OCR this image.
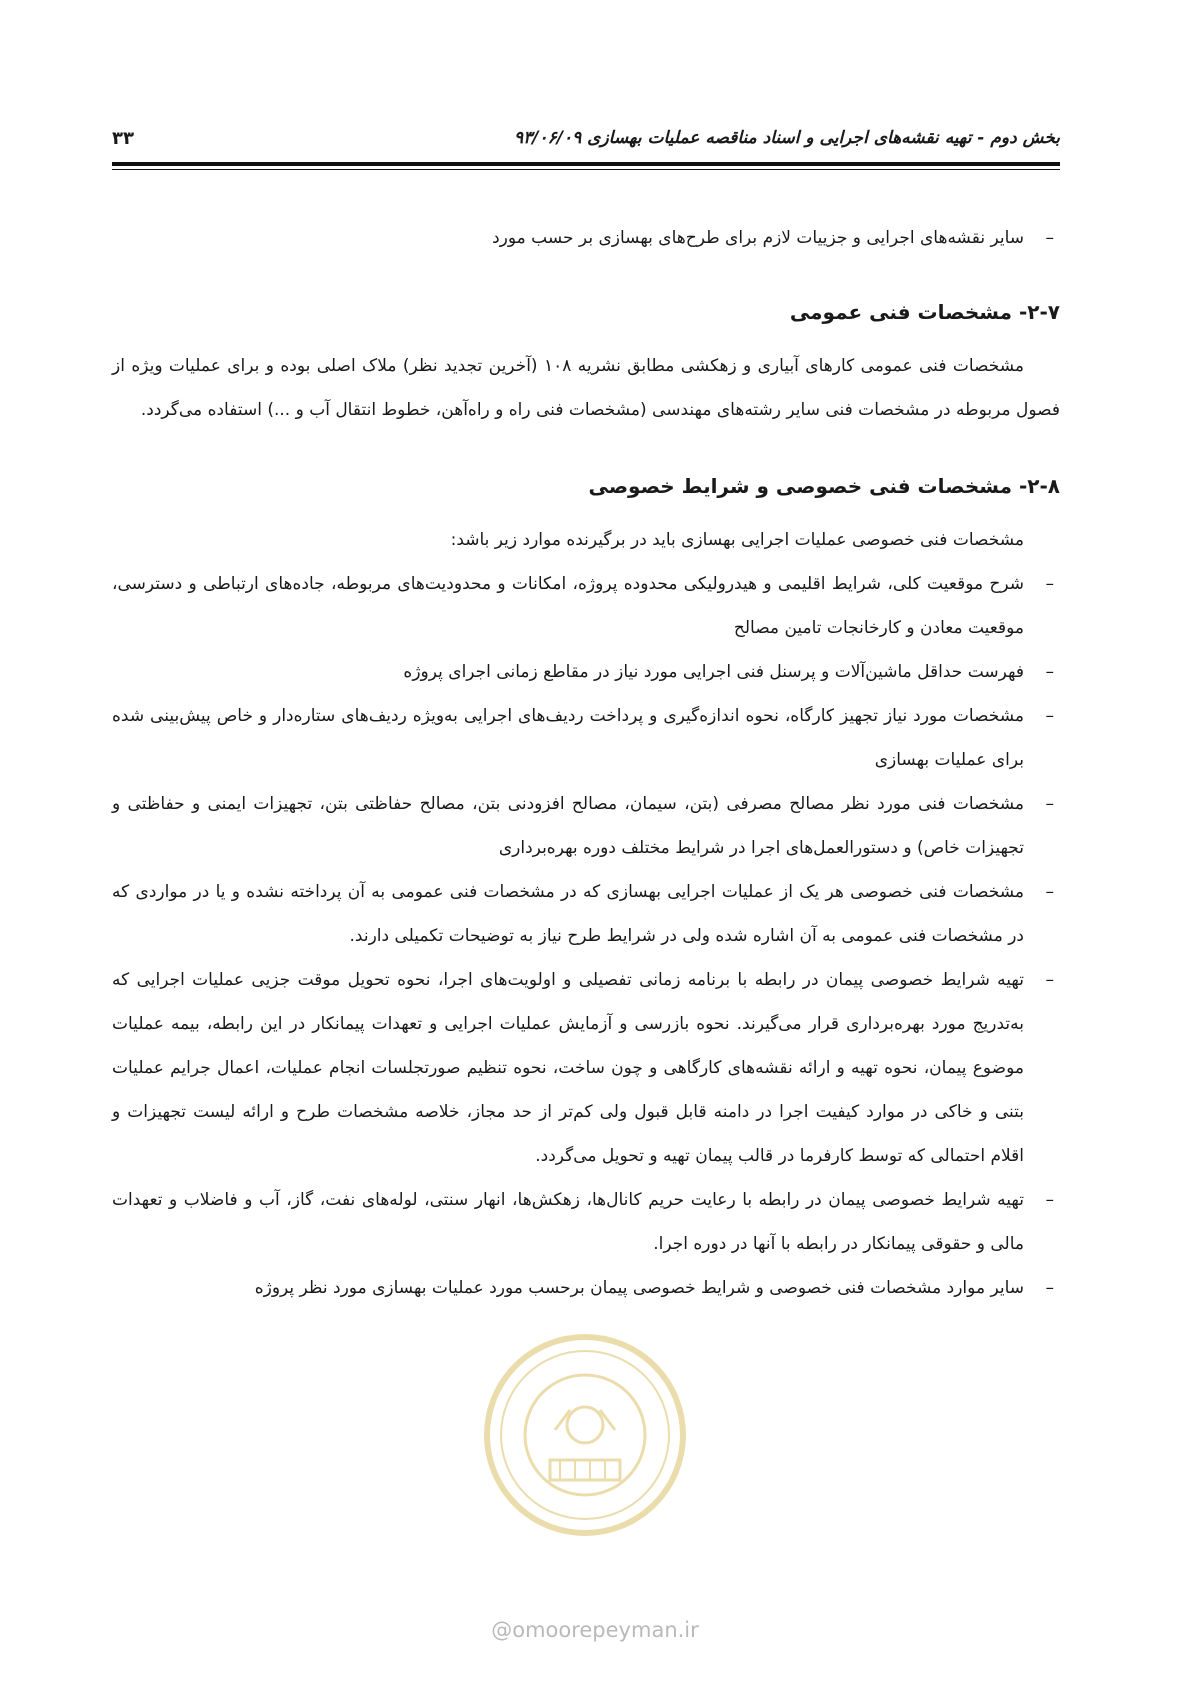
بخش دوم - تهیه نقشه‌های اجرایی و اسناد مناقصه عملیات بهسازی ۹۳/۰۶/۰۹
۳۳
–
سایر نقشه‌های اجرایی و جزییات لازم برای طرح‌های بهسازی بر حسب مورد
۲-۷- مشخصات فنی عمومی
مشخصات فنی عمومی کارهای آبیاری و زهکشی مطابق نشریه ۱۰۸ (آخرین تجدید نظر) ملاک اصلی بوده و برای عملیات ویژه از فصول مربوطه در مشخصات فنی سایر رشته‌های مهندسی (مشخصات فنی راه و راه‌آهن، خطوط انتقال آب و ...) استفاده می‌گردد.
۲-۸- مشخصات فنی خصوصی و شرایط خصوصی
مشخصات فنی خصوصی عملیات اجرایی بهسازی باید در برگیرنده موارد زیر باشد:
–
شرح موقعیت کلی، شرایط اقلیمی و هیدرولیکی محدوده پروژه، امکانات و محدودیت‌های مربوطه، جاده‌های ارتباطی و دسترسی، موقعیت معادن و کارخانجات تامین مصالح
–
فهرست حداقل ماشین‌آلات و پرسنل فنی اجرایی مورد نیاز در مقاطع زمانی اجرای پروژه
–
مشخصات مورد نیاز تجهیز کارگاه، نحوه اندازه‌گیری و پرداخت ردیف‌های اجرایی به‌ویژه ردیف‌های ستاره‌دار و خاص پیش‌بینی شده برای عملیات بهسازی
–
مشخصات فنی مورد نظر مصالح مصرفی (بتن، سیمان، مصالح افزودنی بتن، مصالح حفاظتی بتن، تجهیزات ایمنی و حفاظتی و تجهیزات خاص) و دستورالعمل‌های اجرا در شرایط مختلف دوره بهره‌برداری
–
مشخصات فنی خصوصی هر یک از عملیات اجرایی بهسازی که در مشخصات فنی عمومی به آن پرداخته نشده و یا در مواردی که در مشخصات فنی عمومی به آن اشاره شده ولی در شرایط طرح نیاز به توضیحات تکمیلی دارند.
–
تهیه شرایط خصوصی پیمان در رابطه با برنامه زمانی تفصیلی و اولویت‌های اجرا، نحوه تحویل موقت جزیی عملیات اجرایی که به‌تدریج مورد بهره‌برداری قرار می‌گیرند. نحوه بازرسی و آزمایش عملیات اجرایی و تعهدات پیمانکار در این رابطه، بیمه عملیات موضوع پیمان، نحوه تهیه و ارائه نقشه‌های کارگاهی و چون ساخت، نحوه تنظیم صورتجلسات انجام عملیات، اعمال جرایم عملیات بتنی و خاکی در موارد کیفیت اجرا در دامنه قابل قبول ولی کم‌تر از حد مجاز، خلاصه مشخصات طرح و ارائه لیست تجهیزات و اقلام احتمالی که توسط کارفرما در قالب پیمان تهیه و تحویل می‌گردد.
–
تهیه شرایط خصوصی پیمان در رابطه با رعایت حریم کانال‌ها، زهکش‌ها، انهار سنتی، لوله‌های نفت، گاز، آب و فاضلاب و تعهدات مالی و حقوقی پیمانکار در رابطه با آنها در دوره اجرا.
–
سایر موارد مشخصات فنی خصوصی و شرایط خصوصی پیمان برحسب مورد عملیات بهسازی مورد نظر پروژه
@omoorepeyman.ir
